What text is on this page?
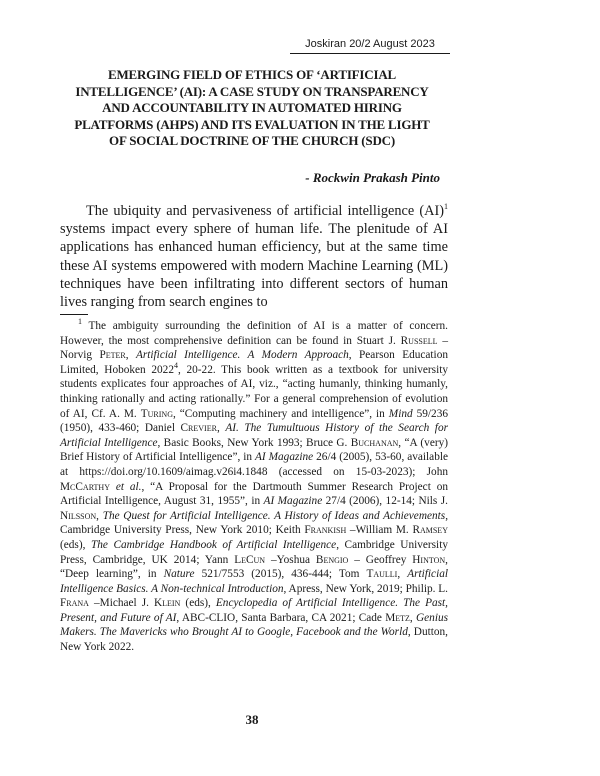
Joskiran 20/2 August 2023
EMERGING FIELD OF ETHICS OF ‘ARTIFICIAL INTELLIGENCE’ (AI): A CASE STUDY ON TRANSPARENCY AND ACCOUNTABILITY IN AUTOMATED HIRING PLATFORMS (AHPS) AND ITS EVALUATION IN THE LIGHT OF SOCIAL DOCTRINE OF THE CHURCH (SDC)
- Rockwin Prakash Pinto

The ubiquity and pervasiveness of artificial intelligence (AI)$^1$ systems impact every sphere of human life. The plenitude of AI applications has enhanced human efficiency, but at the same time these AI systems empowered with modern Machine Learning (ML) techniques have been infiltrating into different sectors of human lives ranging from search engines to

$^1$ The ambiguity surrounding the definition of AI is a matter of concern. However, the most comprehensive definition can be found in Stuart J. Russell – Norvig Peter, Artificial Intelligence. A Modern Approach, Pearson Education Limited, Hoboken 2022$^4$, 20-22. This book written as a textbook for university students explicates four approaches of AI, viz., “acting humanly, thinking humanly, thinking rationally and acting rationally.” For a general comprehension of evolution of AI, Cf. A. M. Turing, “Computing machinery and intelligence”, in Mind 59/236 (1950), 433-460; Daniel Crevier, AI. The Tumultuous History of the Search for Artificial Intelligence, Basic Books, New York 1993; Bruce G. Buchanan, “A (very) Brief History of Artificial Intelligence”, in AI Magazine 26/4 (2005), 53-60, available at https://doi.org/10.1609/aimag.v26i4.1848 (accessed on 15-03-2023); John McCarthy et al., “A Proposal for the Dartmouth Summer Research Project on Artificial Intelligence, August 31, 1955”, in AI Magazine 27/4 (2006), 12-14; Nils J. Nilsson, The Quest for Artificial Intelligence. A History of Ideas and Achievements, Cambridge University Press, New York 2010; Keith Frankish –William M. Ramsey (eds), The Cambridge Handbook of Artificial Intelligence, Cambridge University Press, Cambridge, UK 2014; Yann LeCun –Yoshua Bengio – Geoffrey Hinton, “Deep learning”, in Nature 521/7553 (2015), 436-444; Tom Taulli, Artificial Intelligence Basics. A Non-technical Introduction, Apress, New York, 2019; Philip. L. Frana –Michael J. Klein (eds), Encyclopedia of Artificial Intelligence. The Past, Present, and Future of AI, ABC-CLIO, Santa Barbara, CA 2021; Cade Metz, Genius Makers. The Mavericks who Brought AI to Google, Facebook and the World, Dutton, New York 2022.

38
